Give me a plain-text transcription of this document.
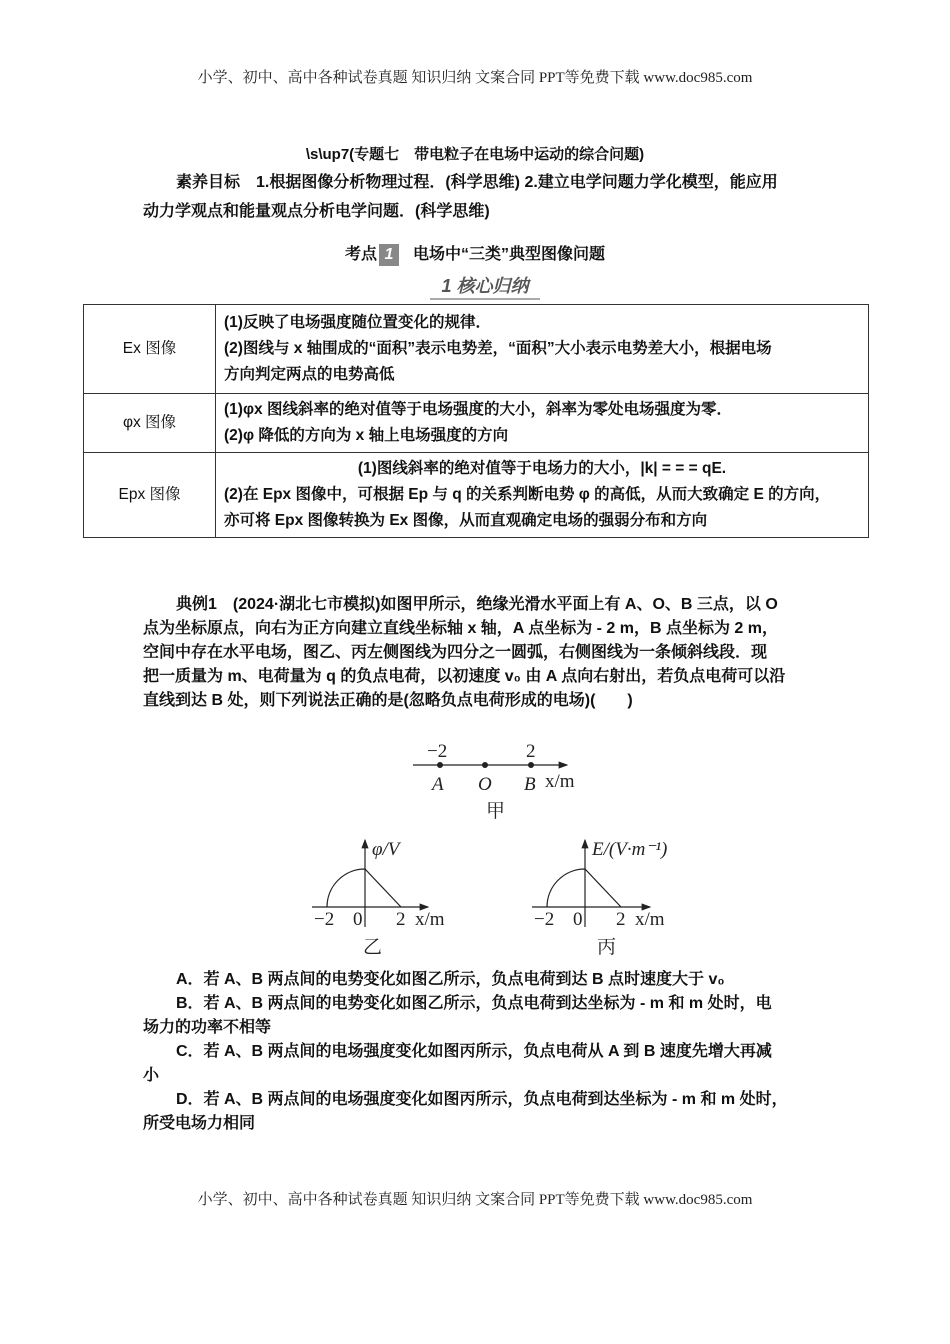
小学、初中、高中各种试卷真题 知识归纳 文案合同 PPT等免费下载 www.doc985.com
\s\up7(专题七　带电粒子在电场中运动的综合问题)
素养目标　1.根据图像分析物理过程．(科学思维) 2.建立电学问题力学化模型，能应用
动力学观点和能量观点分析电学问题．(科学思维)
考点 1 电场中“三类”典型图像问题
1 核心归纳
Ex 图像	(1)反映了电场强度随位置变化的规律．
(2)图线与 x 轴围成的“面积”表示电势差，“面积”大小表示电势差大小，根据电场
方向判定两点的电势高低

φx 图像	(1)φx 图线斜率的绝对值等于电场强度的大小，斜率为零处电场强度为零．
(2)φ 降低的方向为 x 轴上电场强度的方向

Epx 图像	(1)图线斜率的绝对值等于电场力的大小，|k| = = = qE.
(2)在 Epx 图像中，可根据 Ep 与 q 的关系判断电势 φ 的高低，从而大致确定 E 的方向，
亦可将 Epx 图像转换为 Ex 图像，从而直观确定电场的强弱分布和方向
典例1　(2024·湖北七市模拟)如图甲所示，绝缘光滑水平面上有 A、O、B 三点，以 O
点为坐标原点，向右为正方向建立直线坐标轴 x 轴，A 点坐标为 - 2 m，B 点坐标为 2 m，
空间中存在水平电场，图乙、丙左侧图线为四分之一圆弧，右侧图线为一条倾斜线段．现
把一质量为 m、电荷量为 q 的负点电荷，以初速度 v₀ 由 A 点向右射出，若负点电荷可以沿
直线到达 B 处，则下列说法正确的是(忽略负点电荷形成的电场)(　　)
−2	2
A O B x/m
甲
φ/V
−2 0 2 x/m
乙
E/(V·m⁻¹)
−2 0 2 x/m
丙
A．若 A、B 两点间的电势变化如图乙所示，负点电荷到达 B 点时速度大于 v₀
B．若 A、B 两点间的电势变化如图乙所示，负点电荷到达坐标为 - m 和 m 处时，电
场力的功率不相等
C．若 A、B 两点间的电场强度变化如图丙所示，负点电荷从 A 到 B 速度先增大再减
小
D．若 A、B 两点间的电场强度变化如图丙所示，负点电荷到达坐标为 - m 和 m 处时，
所受电场力相同
小学、初中、高中各种试卷真题 知识归纳 文案合同 PPT等免费下载 www.doc985.com
